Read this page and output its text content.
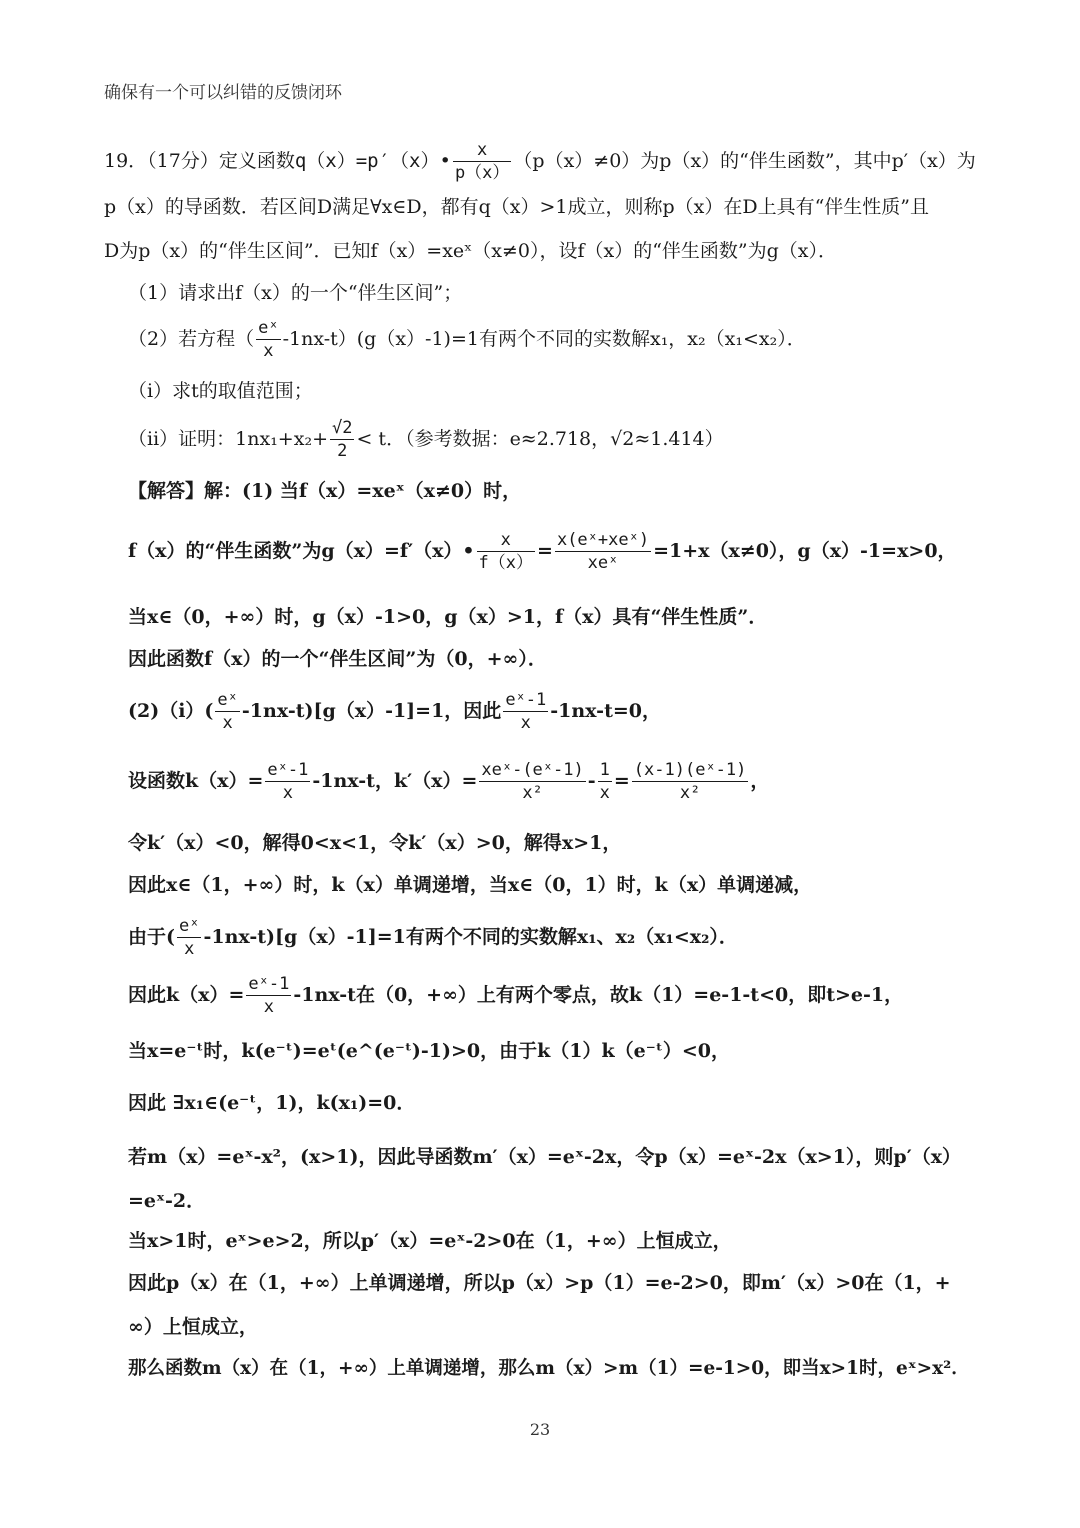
确保有一个可以纠错的反馈闭环
19．（17分）定义函数q（x）=p′（x）• $\frac{x}{p(x)} (p(x)\ne 0)$为p（x）的“伴生函数”，其中p′（x）为
p（x）的导函数．若区间D满足∀x∈D，都有q（x）>1成立，则称p（x）在D上具有“伴生性质”且
D为p（x）的“伴生区间”．已知f（x）=xeˣ（x≠0），设f（x）的“伴生函数”为g（x）．
（1）请求出f（x）的一个“伴生区间”；
（2）若方程（ $\frac{\text{eˣ}}{x} -1nx-t)(g(x)-1)=1$有两个不同的实数解x₁，x₂（x₁<x₂）．
（ⅰ）求t的取值范围；
（ⅱ）证明：$1nx_1+x_2+ \frac{√2}{2} < t$．（参考数据：e≈2.718，√2≈1.414）
【解答】解：(1) 当f（x）=xeˣ（x≠0）时，
f（x）的“伴生函数”为g（x）=f′（x）• $\frac{x}{f(x)} = \frac{\text{x(eˣ+xeˣ)}}{\text{xeˣ}} =1+x(x\ne 0)$，g（x）-1=x>0，
当x∈（0，+∞）时，g（x）-1>0，g（x）>1，f（x）具有“伴生性质”．
因此函数f（x）的一个“伴生区间”为（0，+∞）．
(2)（ⅰ）( $\frac{\text{eˣ}}{x} -1nx-t)[g(x)-1]=1$，因此 $\frac{\text{eˣ-1}}{x} -1nx-t=0$，
设函数$k(x)= \frac{\text{eˣ-1}}{x} -1nx-t$，$k'(x)= \frac{\text{xeˣ-(eˣ-1)}}{\text{x²}} - \frac{1}{x} = \frac{\text{(x-1)(eˣ-1)}}{\text{x²}}$ ，
令k′（x）<0，解得0<x<1，令k′（x）>0，解得x>1，
因此x∈（1，+∞）时，k（x）单调递增，当x∈（0，1）时，k（x）单调递减，
由于( $\frac{\text{eˣ}}{x} -1nx-t)[g(x)-1]=1$有两个不同的实数解x₁、x₂（x₁<x₂）．
因此$k(x)= \frac{\text{eˣ-1}}{x} -1nx-t$在（0，+∞）上有两个零点，故k（1）=e-1-t<0，即t>e-1，
当x=e⁻ᵗ时，k(e⁻ᵗ)=eᵗ(e^(e⁻ᵗ)-1)>0，由于k（1）k（e⁻ᵗ）<0，
因此 ∃x₁∈(e⁻ᵗ，1)，k(x₁)=0．
若m（x）=eˣ-x²，(x>1)，因此导函数m′（x）=eˣ-2x，令p（x）=eˣ-2x（x>1），则p′（x）
=eˣ-2．
当x>1时，eˣ>e>2，所以p′（x）=eˣ-2>0在（1，+∞）上恒成立，
因此p（x）在（1，+∞）上单调递增，所以p（x）>p（1）=e-2>0，即m′（x）>0在（1，+
∞）上恒成立，
那么函数m（x）在（1，+∞）上单调递增，那么m（x）>m（1）=e-1>0，即当x>1时，eˣ>x²．
23
